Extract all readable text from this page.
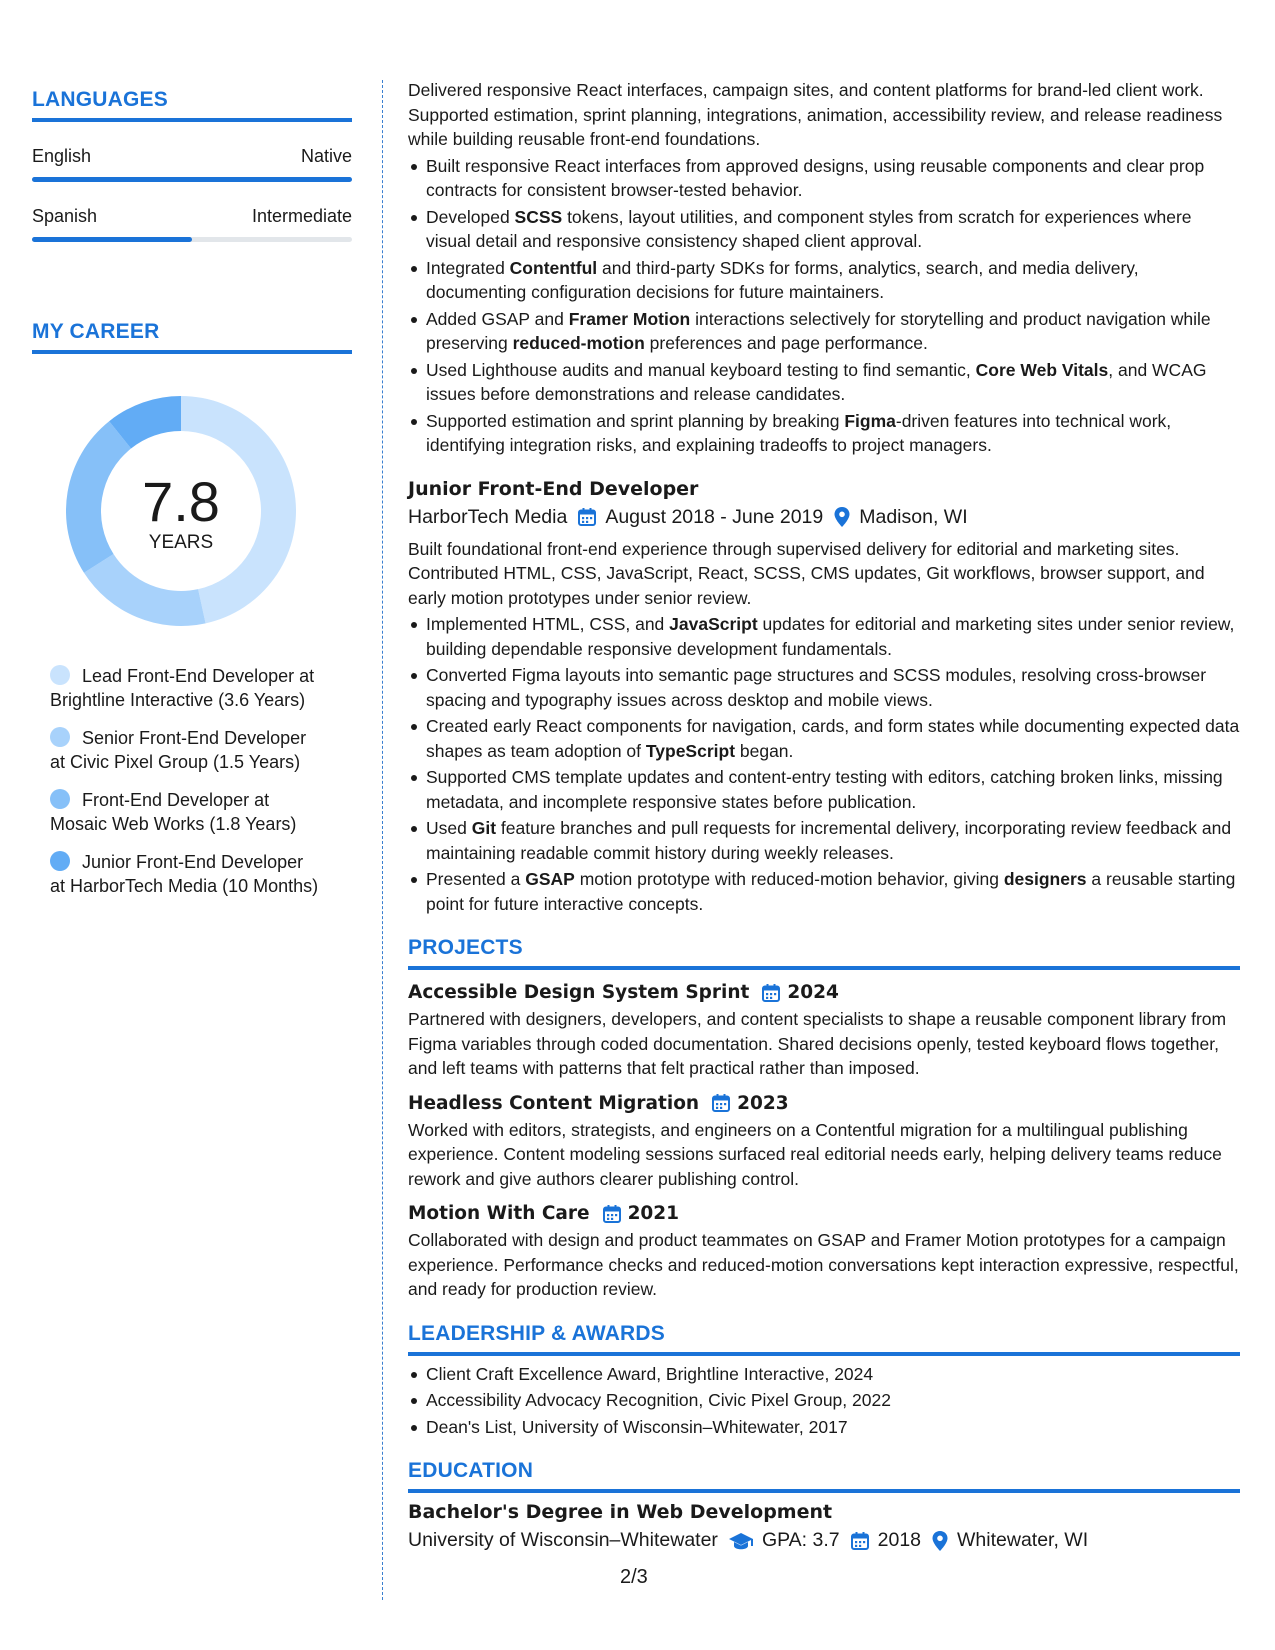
LANGUAGES
English	Native
Spanish	Intermediate
MY CAREER
7.8
YEARS
Lead Front-End Developer at Brightline Interactive (3.6 Years)
Senior Front-End Developer at Civic Pixel Group (1.5 Years)
Front-End Developer at Mosaic Web Works (1.8 Years)
Junior Front-End Developer at HarborTech Media (10 Months)
Delivered responsive React interfaces, campaign sites, and content platforms for brand-led client work. Supported estimation, sprint planning, integrations, animation, accessibility review, and release readiness while building reusable front-end foundations.
Built responsive React interfaces from approved designs, using reusable components and clear prop contracts for consistent browser-tested behavior.
Developed SCSS tokens, layout utilities, and component styles from scratch for experiences where visual detail and responsive consistency shaped client approval.
Integrated Contentful and third-party SDKs for forms, analytics, search, and media delivery, documenting configuration decisions for future maintainers.
Added GSAP and Framer Motion interactions selectively for storytelling and product navigation while preserving reduced-motion preferences and page performance.
Used Lighthouse audits and manual keyboard testing to find semantic, Core Web Vitals, and WCAG issues before demonstrations and release candidates.
Supported estimation and sprint planning by breaking Figma-driven features into technical work, identifying integration risks, and explaining tradeoffs to project managers.
Junior Front-End Developer
HarborTech Media August 2018 - June 2019 Madison, WI
Built foundational front-end experience through supervised delivery for editorial and marketing sites. Contributed HTML, CSS, JavaScript, React, SCSS, CMS updates, Git workflows, browser support, and early motion prototypes under senior review.
Implemented HTML, CSS, and JavaScript updates for editorial and marketing sites under senior review, building dependable responsive development fundamentals.
Converted Figma layouts into semantic page structures and SCSS modules, resolving cross-browser spacing and typography issues across desktop and mobile views.
Created early React components for navigation, cards, and form states while documenting expected data shapes as team adoption of TypeScript began.
Supported CMS template updates and content-entry testing with editors, catching broken links, missing metadata, and incomplete responsive states before publication.
Used Git feature branches and pull requests for incremental delivery, incorporating review feedback and maintaining readable commit history during weekly releases.
Presented a GSAP motion prototype with reduced-motion behavior, giving designers a reusable starting point for future interactive concepts.
PROJECTS
Accessible Design System Sprint 2024
Partnered with designers, developers, and content specialists to shape a reusable component library from Figma variables through coded documentation. Shared decisions openly, tested keyboard flows together, and left teams with patterns that felt practical rather than imposed.
Headless Content Migration 2023
Worked with editors, strategists, and engineers on a Contentful migration for a multilingual publishing experience. Content modeling sessions surfaced real editorial needs early, helping delivery teams reduce rework and give authors clearer publishing control.
Motion With Care 2021
Collaborated with design and product teammates on GSAP and Framer Motion prototypes for a campaign experience. Performance checks and reduced-motion conversations kept interaction expressive, respectful, and ready for production review.
LEADERSHIP & AWARDS
Client Craft Excellence Award, Brightline Interactive, 2024
Accessibility Advocacy Recognition, Civic Pixel Group, 2022
Dean's List, University of Wisconsin–Whitewater, 2017
EDUCATION
Bachelor's Degree in Web Development
University of Wisconsin–Whitewater GPA: 3.7 2018 Whitewater, WI
2/3
